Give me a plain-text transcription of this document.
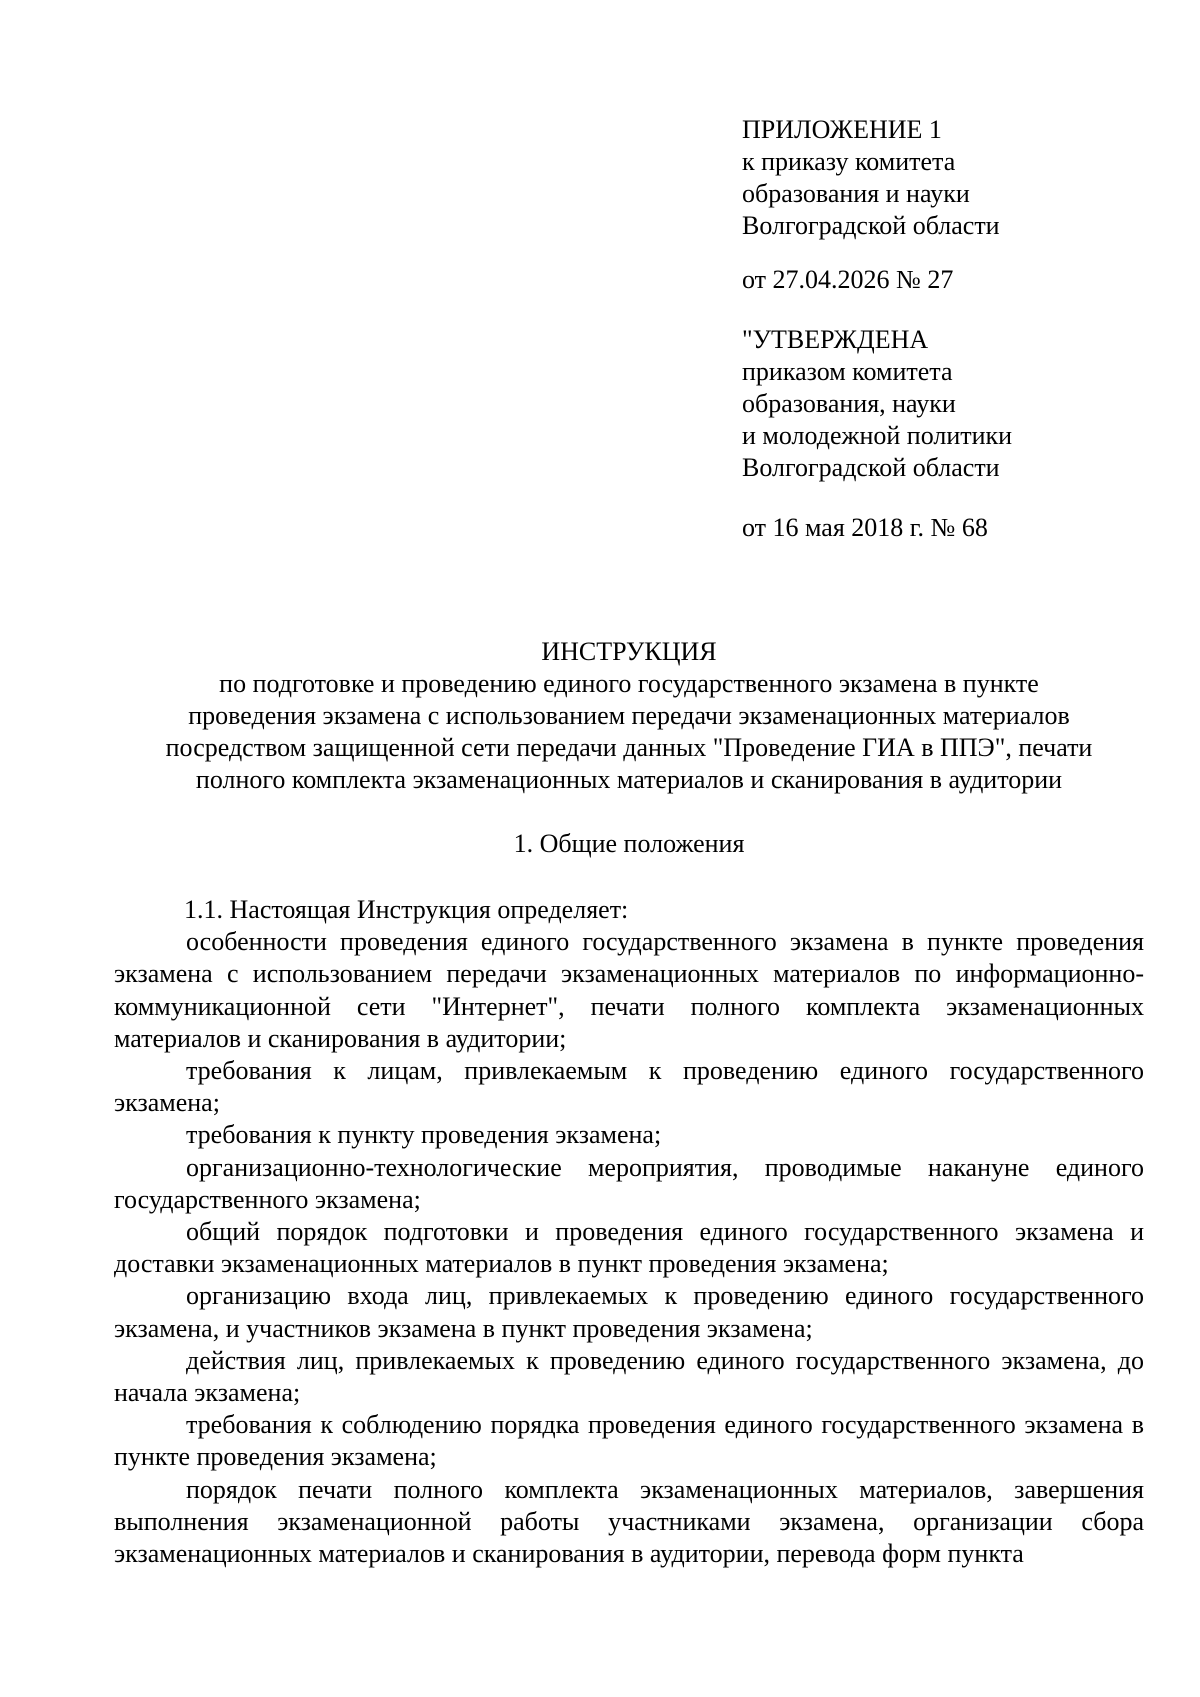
ПРИЛОЖЕНИЕ 1
к приказу комитета
образования и науки
Волгоградской области
от 27.04.2026 № 27
"УТВЕРЖДЕНА
приказом комитета
образования, науки
и молодежной политики
Волгоградской области
от 16 мая 2018 г. № 68
ИНСТРУКЦИЯ
по подготовке и проведению единого государственного экзамена в пункте
проведения экзамена с использованием передачи экзаменационных материалов
посредством защищенной сети передачи данных "Проведение ГИА в ППЭ", печати
полного комплекта экзаменационных материалов и сканирования в аудитории
1. Общие положения

1.1. Настоящая Инструкция определяет:

особенности проведения единого государственного экзамена в пункте проведения экзамена с использованием передачи экзаменационных материалов по информационно-коммуникационной сети "Интернет", печати полного комплекта экзаменационных материалов и сканирования в аудитории;

требования к лицам, привлекаемым к проведению единого государственного экзамена;

требования к пункту проведения экзамена;

организационно-технологические мероприятия, проводимые накануне единого государственного экзамена;

общий порядок подготовки и проведения единого государственного экзамена и доставки экзаменационных материалов в пункт проведения экзамена;

организацию входа лиц, привлекаемых к проведению единого государственного экзамена, и участников экзамена в пункт проведения экзамена;

действия лиц, привлекаемых к проведению единого государственного экзамена, до начала экзамена;

требования к соблюдению порядка проведения единого государственного экзамена в пункте проведения экзамена;

порядок печати полного комплекта экзаменационных материалов, завершения выполнения экзаменационной работы участниками экзамена, организации сбора экзаменационных материалов и сканирования в аудитории, перевода форм пункта
